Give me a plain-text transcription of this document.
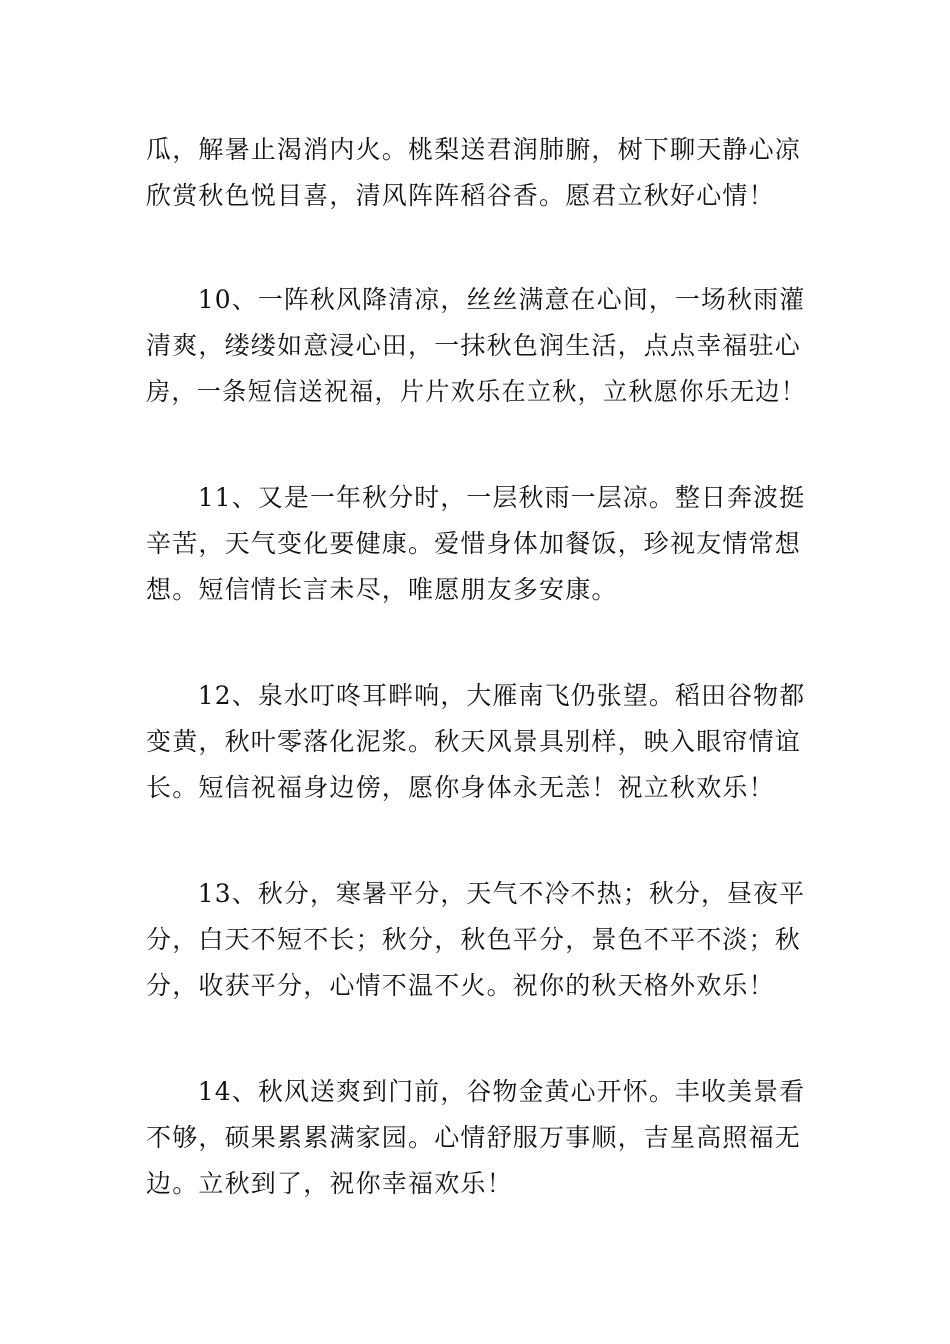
瓜，解暑止渴消内火。桃梨送君润肺腑，树下聊天静心凉
欣赏秋色悦目喜，清风阵阵稻谷香。愿君立秋好心情！
10、一阵秋风降清凉，丝丝满意在心间，一场秋雨灌
清爽，缕缕如意浸心田，一抹秋色润生活，点点幸福驻心
房，一条短信送祝福，片片欢乐在立秋，立秋愿你乐无边！
11、又是一年秋分时，一层秋雨一层凉。整日奔波挺
辛苦，天气变化要健康。爱惜身体加餐饭，珍视友情常想
想。短信情长言未尽，唯愿朋友多安康。
12、泉水叮咚耳畔响，大雁南飞仍张望。稻田谷物都
变黄，秋叶零落化泥浆。秋天风景具别样，映入眼帘情谊
长。短信祝福身边傍，愿你身体永无恙！祝立秋欢乐！
13、秋分，寒暑平分，天气不冷不热；秋分，昼夜平
分，白天不短不长；秋分，秋色平分，景色不平不淡；秋
分，收获平分，心情不温不火。祝你的秋天格外欢乐！
14、秋风送爽到门前，谷物金黄心开怀。丰收美景看
不够，硕果累累满家园。心情舒服万事顺，吉星高照福无
边。立秋到了，祝你幸福欢乐！
